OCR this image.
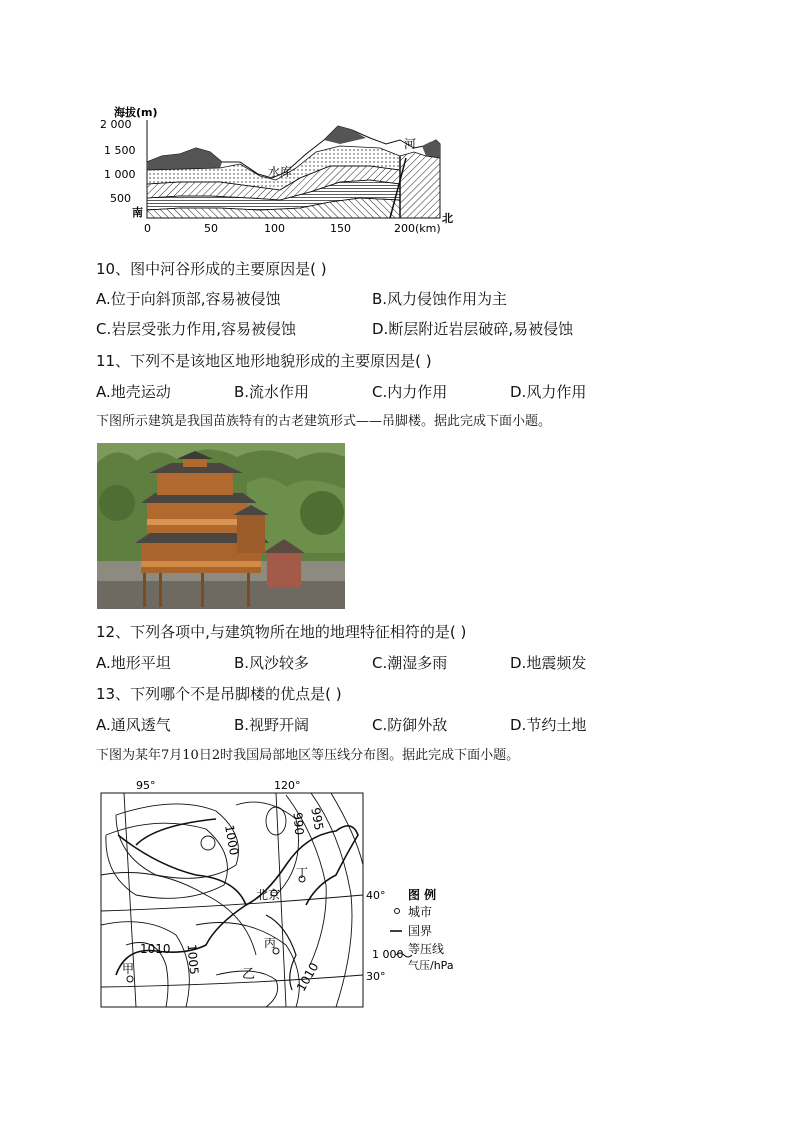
海拔(m)
2 000
1 500
1 000
500
水库
河
南	北
0	50	100	150	200(km)
10、图中河谷形成的主要原因是( )
A.位于向斜顶部,容易被侵蚀	B.风力侵蚀作用为主
C.岩层受张力作用,容易被侵蚀	D.断层附近岩层破碎,易被侵蚀
11、下列不是该地区地形地貌形成的主要原因是( )
A.地壳运动	B.流水作用	C.内力作用	D.风力作用
下图所示建筑是我国苗族特有的古老建筑形式——吊脚楼。据此完成下面小题。
12、下列各项中,与建筑物所在地的地理特征相符的是( )
A.地形平坦	B.风沙较多	C.潮湿多雨	D.地震频发
13、下列哪个不是吊脚楼的优点是( )
A.通风透气	B.视野开阔	C.防御外敌	D.节约土地
下图为某年7月10日2时我国局部地区等压线分布图。据此完成下面小题。
95°	120°
1000
990 995
1010 1005
1010
北京
甲	乙
丙
丁
40°
30°
图 例
城市
国界
1 000 等压线
气压/hPa
